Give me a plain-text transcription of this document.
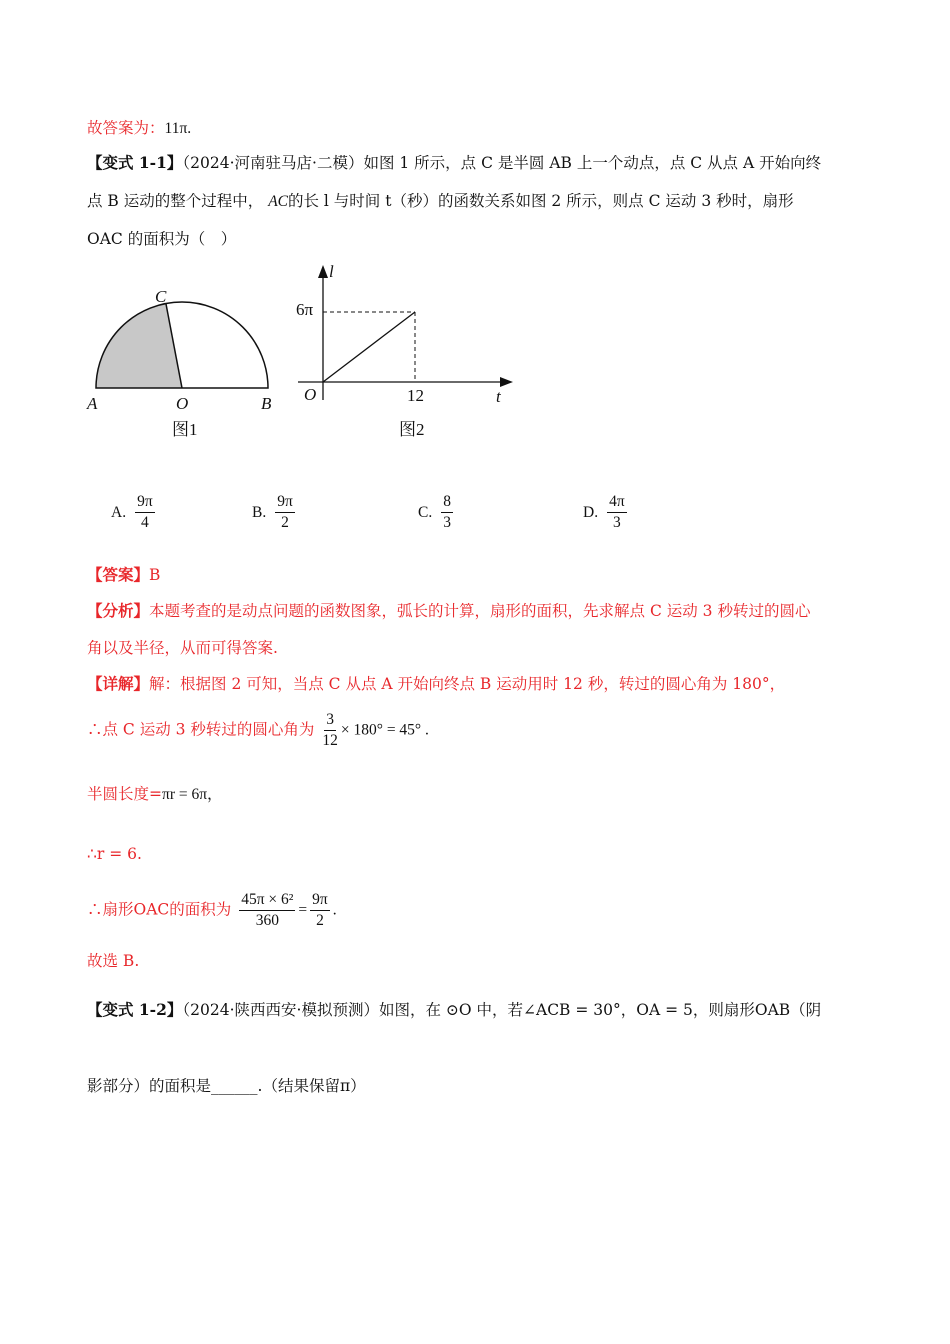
故答案为：11π.
【变式 1-1】（2024·河南驻马店·二模）如图 1 所示，点 C 是半圆 AB 上一个动点，点 C 从点 A 开始向终
点 B 运动的整个过程中， AC的长 l 与时间 t（秒）的函数关系如图 2 所示，则点 C 运动 3 秒时，扇形
OAC 的面积为（　）
A	O	B
C
图1
l
6π
O	12	t
图2
A. $\frac{9\pi}{4}$	B. $\frac{9\pi}{2}$	C. $\frac{8}{3}$	D. $\frac{4\pi}{3}$
【答案】B
【分析】本题考查的是动点问题的函数图象，弧长的计算，扇形的面积，先求解点 C 运动 3 秒转过的圆心
角以及半径，从而可得答案.
【详解】解：根据图 2 可知，当点 C 从点 A 开始向终点 B 运动用时 12 秒，转过的圆心角为 180°，
∴点 C 运动 3 秒转过的圆心角为 $\frac{3}{12} \times 180^\circ = 45^\circ$ .
半圆长度=πr = 6π，
∴r = 6.
∴扇形OAC的面积为 $\frac{\text{45π × 6²}}{360} = \frac{9\pi}{2}$ .
故选 B.
【变式 1-2】（2024·陕西西安·模拟预测）如图，在 ⊙O 中，若∠ACB = 30°，OA = 5，则扇形OAB（阴
影部分）的面积是______.（结果保留π）
